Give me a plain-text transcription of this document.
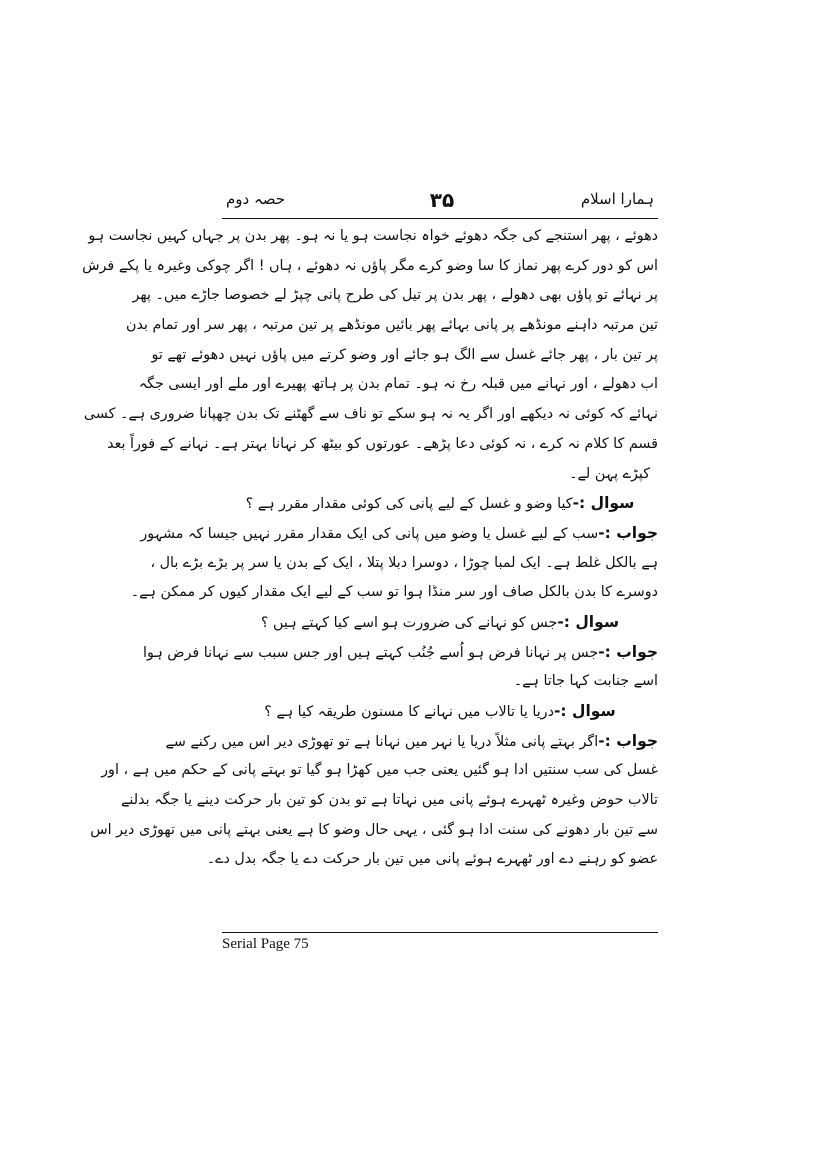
حصہ دوم	۳۵	ہمارا اسلام
دھوئے ، پھر استنجے کی جگہ دھوئے خواہ نجاست ہو یا نہ ہو۔ پھر بدن پر جہاں کہیں نجاست ہو
اس کو دور کرے پھر نماز کا سا وضو کرے مگر پاؤں نہ دھوئے ، ہاں ! اگر چوکی وغیرہ یا پکے فرش
پر نہائے تو پاؤں بھی دھولے ، پھر بدن پر تیل کی طرح پانی چپڑ لے خصوصا جاڑے میں۔ پھر
تین مرتبہ داہنے مونڈھے پر پانی بہائے پھر بائیں مونڈھے پر تین مرتبہ ، پھر سر اور تمام بدن
پر تین بار ، پھر جائے غسل سے الگ ہو جائے اور وضو کرتے میں پاؤں نہیں دھوئے تھے تو
اب دھولے ، اور نہانے میں قبلہ رخ نہ ہو۔ تمام بدن پر ہاتھ پھیرے اور ملے اور ایسی جگہ
نہائے کہ کوئی نہ دیکھے اور اگر یہ نہ ہو سکے تو ناف سے گھٹنے تک بدن چھپانا ضروری ہے۔ کسی
قسم کا کلام نہ کرے ، نہ کوئی دعا پڑھے۔ عورتوں کو بیٹھ کر نہانا بہتر ہے۔ نہانے کے فوراً بعد
کپڑے پہن لے۔
سوال :-کیا وضو و غسل کے لیے پانی کی کوئی مقدار مقرر ہے ؟
جواب :-سب کے لیے غسل یا وضو میں پانی کی ایک مقدار مقرر نہیں جیسا کہ مشہور
ہے بالکل غلط ہے۔ ایک لمبا چوڑا ، دوسرا دبلا پتلا ، ایک کے بدن یا سر پر بڑے بڑے بال ،
دوسرے کا بدن بالکل صاف اور سر منڈا ہوا تو سب کے لیے ایک مقدار کیوں کر ممکن ہے۔
سوال :-جس کو نہانے کی ضرورت ہو اسے کیا کہتے ہیں ؟
جواب :-جس پر نہانا فرض ہو اُسے جُنُب کہتے ہیں اور جس سبب سے نہانا فرض ہوا
اسے جنابت کہا جاتا ہے۔
سوال :-دریا یا تالاب میں نہانے کا مسنون طریقہ کیا ہے ؟
جواب :-اگر بہتے پانی مثلاً دریا یا نہر میں نہانا ہے تو تھوڑی دیر اس میں رکنے سے
غسل کی سب سنتیں ادا ہو گئیں یعنی جب میں کھڑا ہو گیا تو بہتے پانی کے حکم میں ہے ، اور
تالاب حوض وغیرہ ٹھہرے ہوئے پانی میں نہاتا ہے تو بدن کو تین بار حرکت دینے یا جگہ بدلنے
سے تین بار دھونے کی سنت ادا ہو گئی ، یہی حال وضو کا ہے یعنی بہتے پانی میں تھوڑی دیر اس
عضو کو رہنے دے اور ٹھہرے ہوئے پانی میں تین بار حرکت دے یا جگہ بدل دے۔
Serial Page 75
